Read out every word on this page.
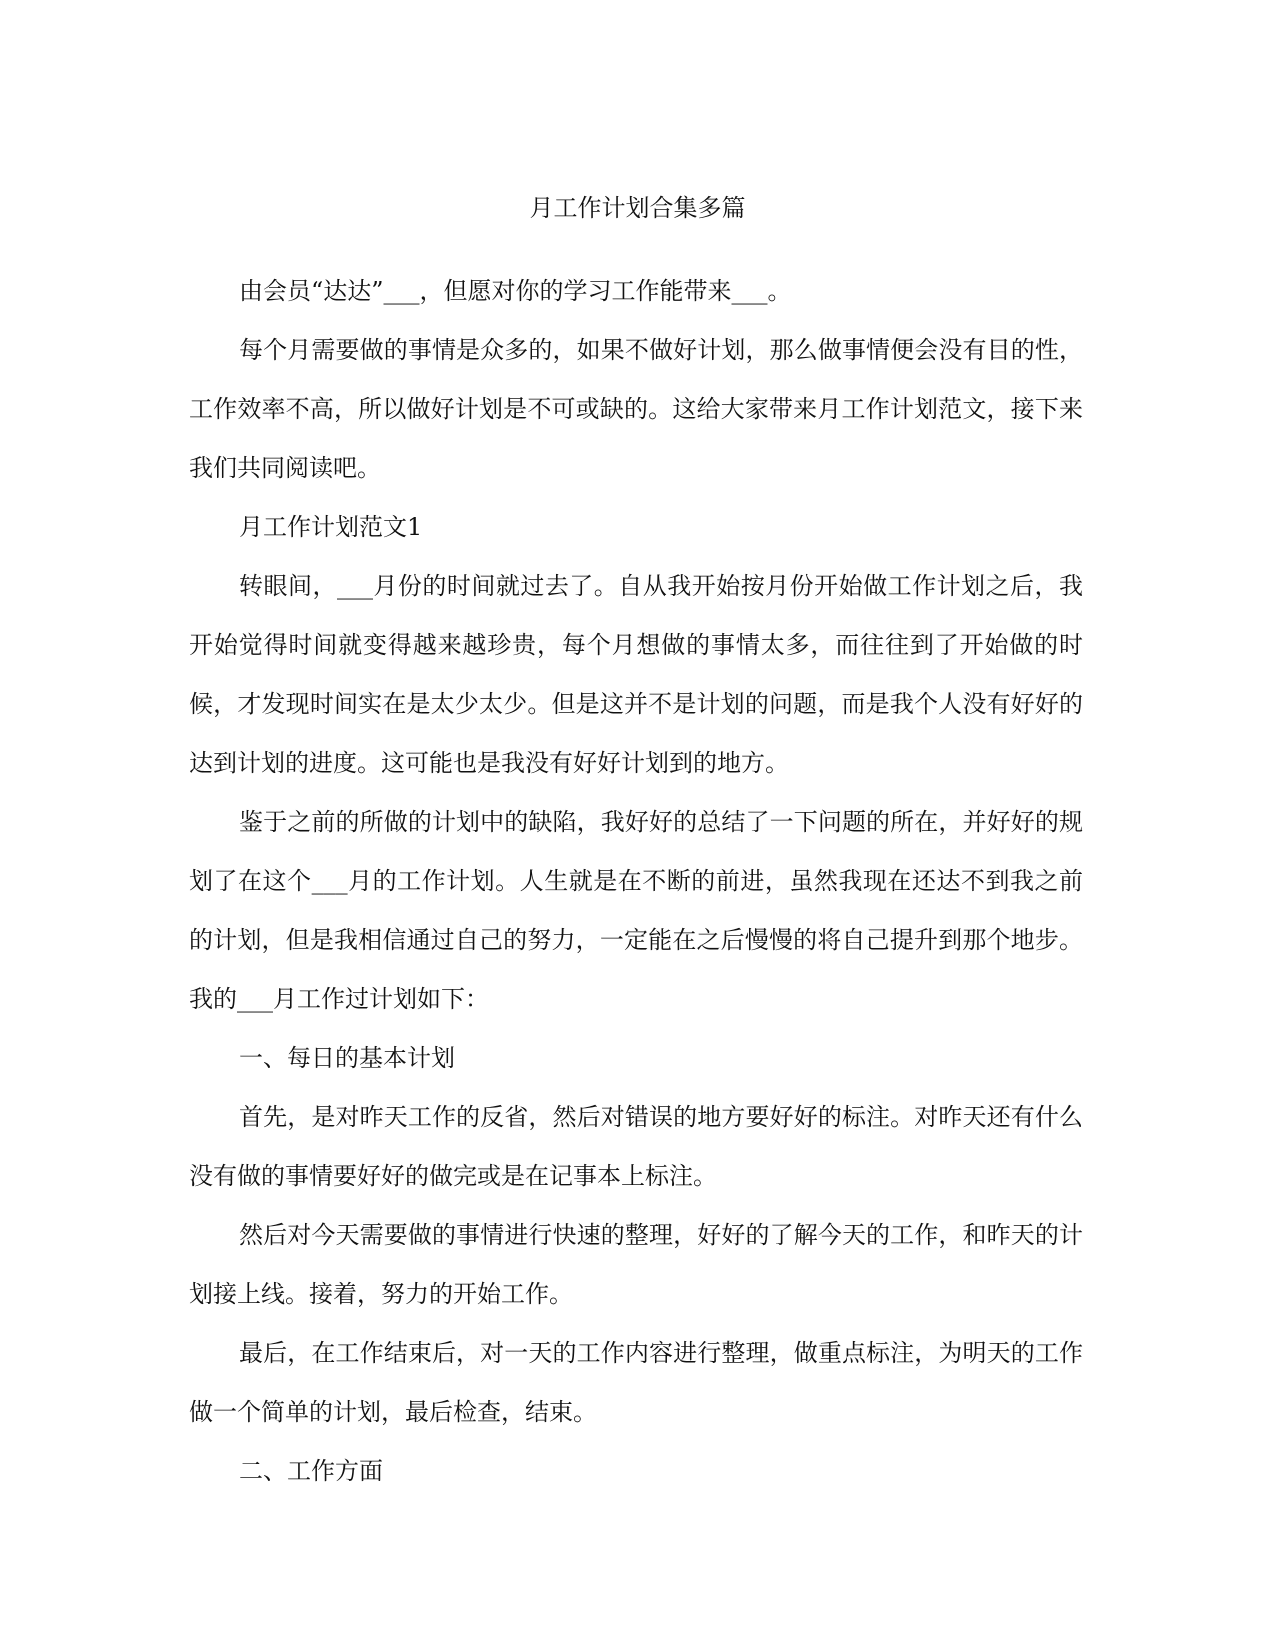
月工作计划合集多篇

由会员“达达”___，但愿对你的学习工作能带来___。

每个月需要做的事情是众多的，如果不做好计划，那么做事情便会没有目的性，工作效率不高，所以做好计划是不可或缺的。这给大家带来月工作计划范文，接下来我们共同阅读吧。

月工作计划范文1

转眼间，___月份的时间就过去了。自从我开始按月份开始做工作计划之后，我开始觉得时间就变得越来越珍贵，每个月想做的事情太多，而往往到了开始做的时候，才发现时间实在是太少太少。但是这并不是计划的问题，而是我个人没有好好的达到计划的进度。这可能也是我没有好好计划到的地方。

鉴于之前的所做的计划中的缺陷，我好好的总结了一下问题的所在，并好好的规划了在这个___月的工作计划。人生就是在不断的前进，虽然我现在还达不到我之前的计划，但是我相信通过自己的努力，一定能在之后慢慢的将自己提升到那个地步。我的___月工作过计划如下：

一、每日的基本计划

首先，是对昨天工作的反省，然后对错误的地方要好好的标注。对昨天还有什么没有做的事情要好好的做完或是在记事本上标注。

然后对今天需要做的事情进行快速的整理，好好的了解今天的工作，和昨天的计划接上线。接着，努力的开始工作。

最后，在工作结束后，对一天的工作内容进行整理，做重点标注，为明天的工作做一个简单的计划，最后检查，结束。

二、工作方面
